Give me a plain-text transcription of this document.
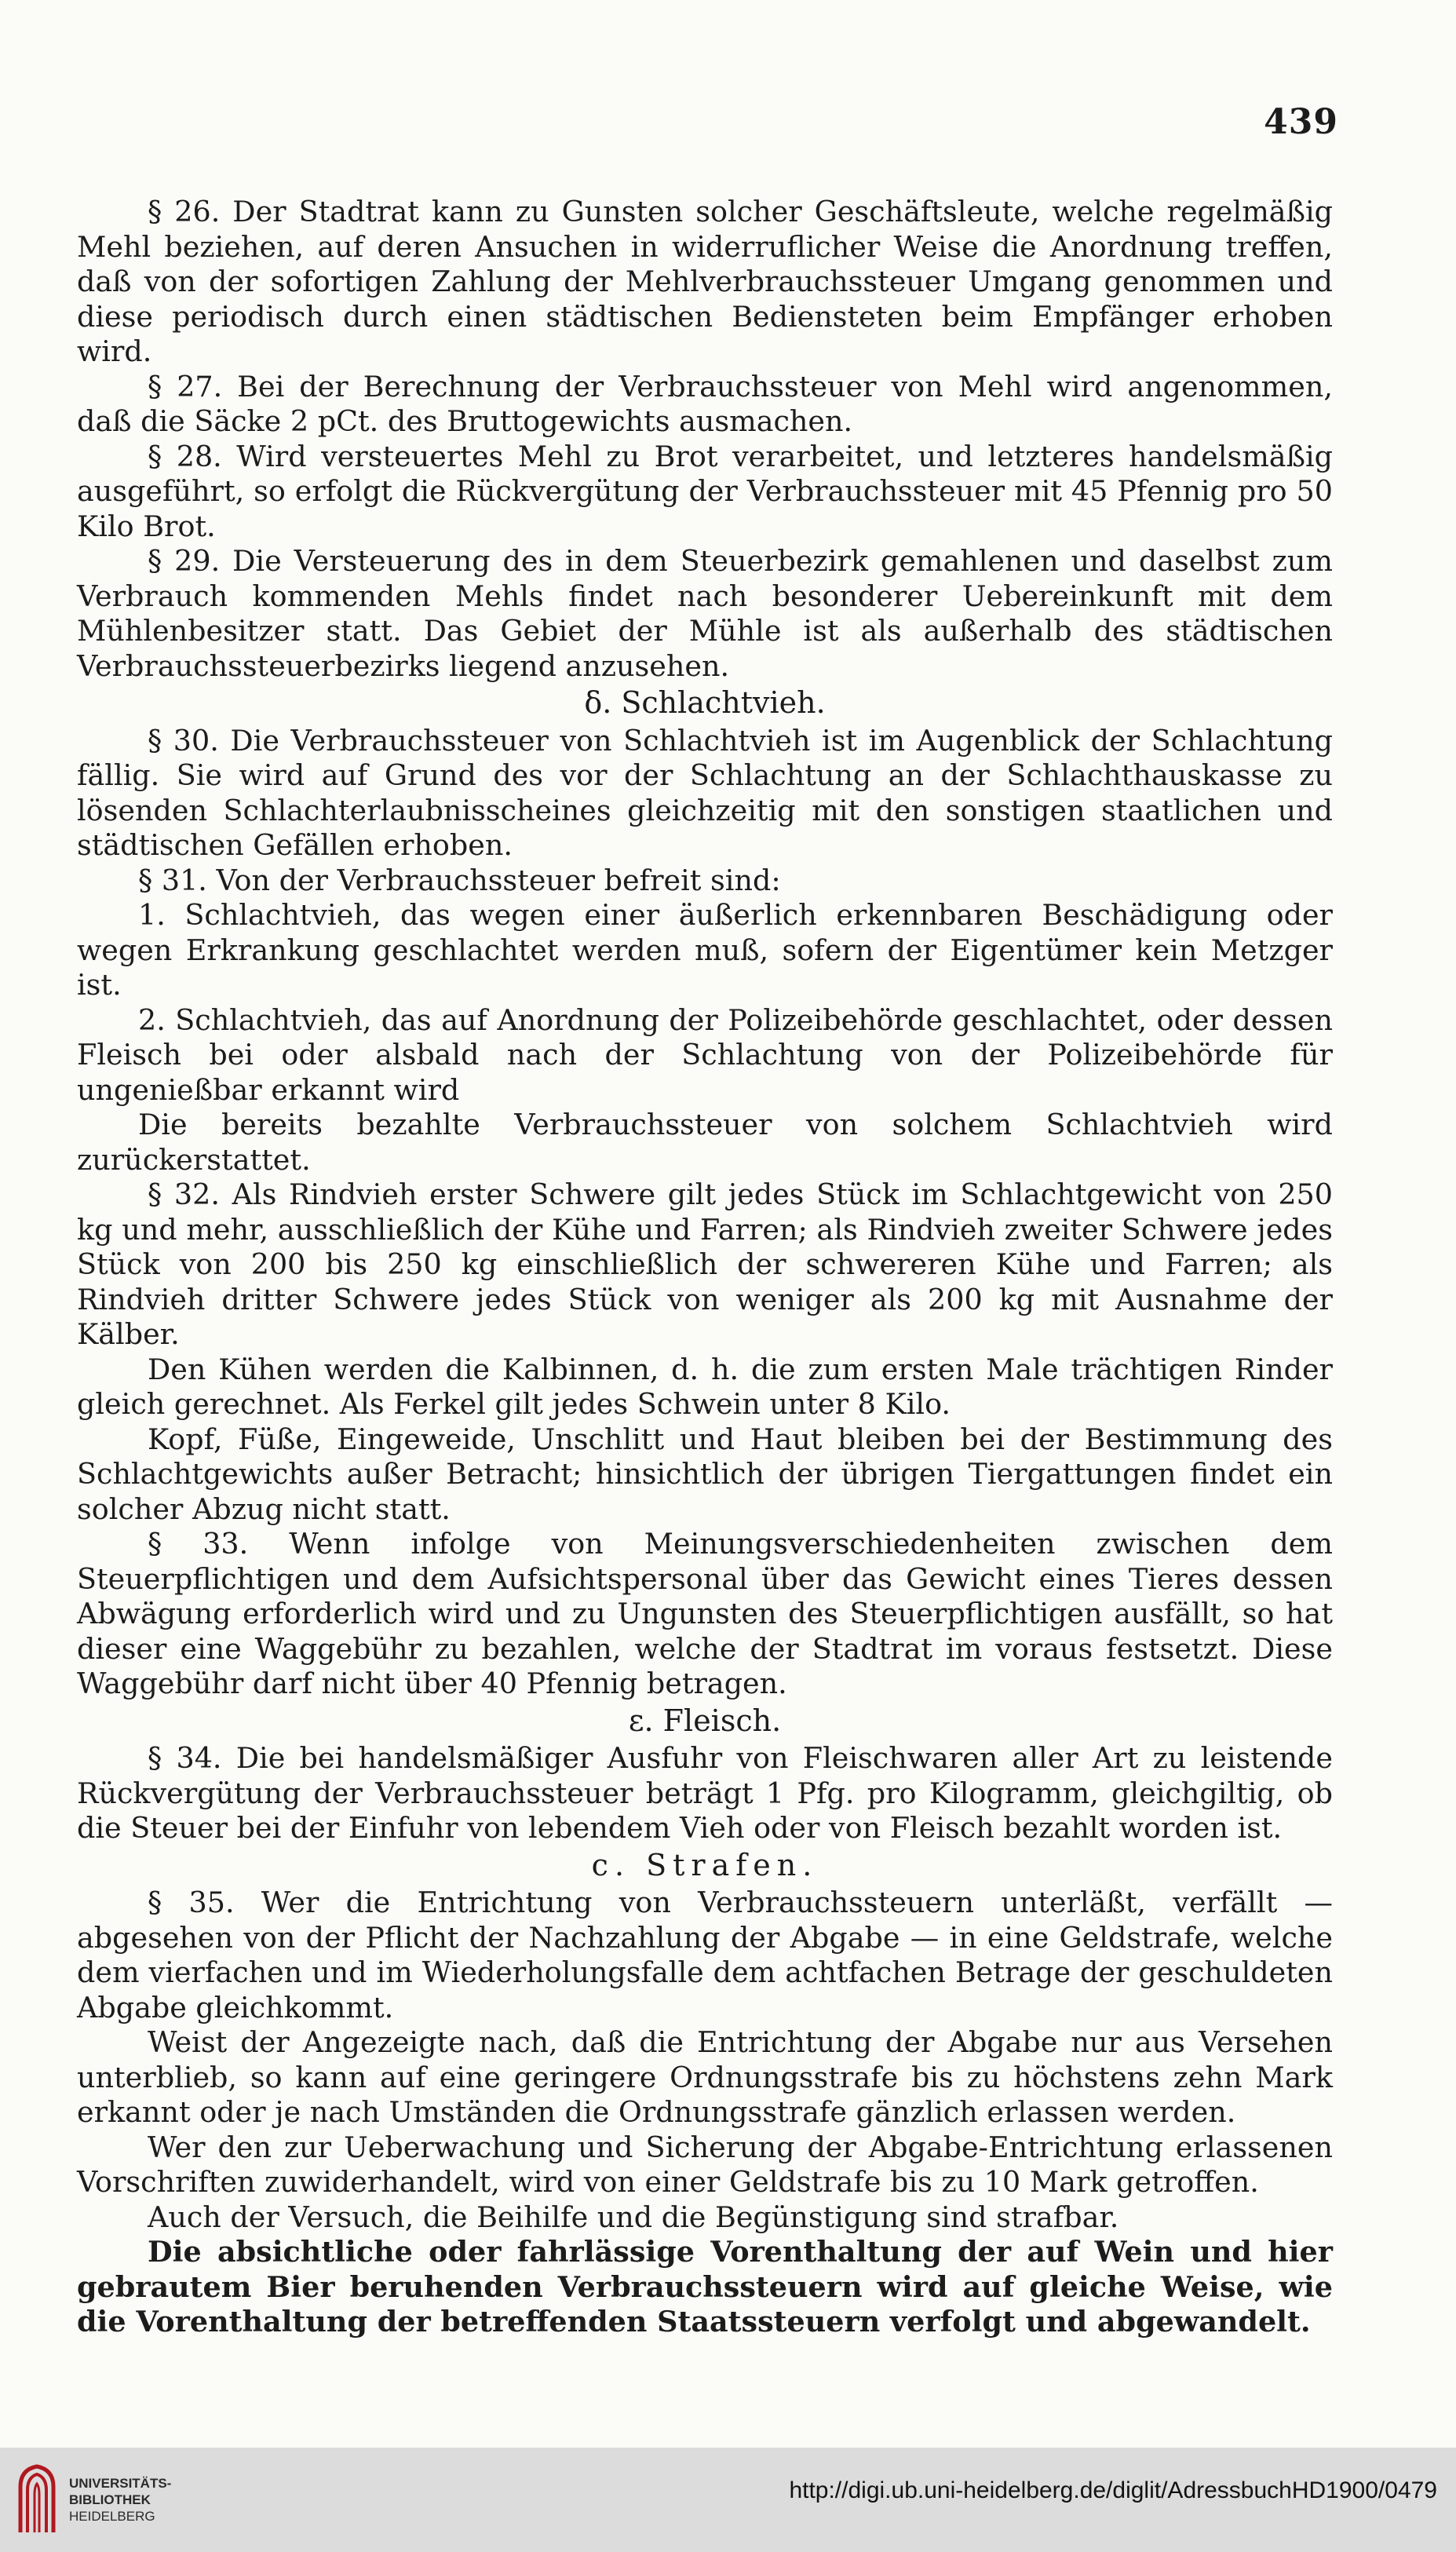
439

§ 26. Der Stadtrat kann zu Gunsten solcher Geschäftsleute, welche regelmäßig Mehl beziehen, auf deren Ansuchen in widerruflicher Weise die Anordnung treffen, daß von der sofortigen Zahlung der Mehlverbrauchssteuer Umgang genommen und diese periodisch durch einen städtischen Bediensteten beim Empfänger erhoben wird.

§ 27. Bei der Berechnung der Verbrauchssteuer von Mehl wird angenommen, daß die Säcke 2 pCt. des Bruttogewichts ausmachen.

§ 28. Wird versteuertes Mehl zu Brot verarbeitet, und letzteres handelsmäßig ausgeführt, so erfolgt die Rückvergütung der Verbrauchssteuer mit 45 Pfennig pro 50 Kilo Brot.

§ 29. Die Versteuerung des in dem Steuerbezirk gemahlenen und daselbst zum Verbrauch kommenden Mehls findet nach besonderer Uebereinkunft mit dem Mühlenbesitzer statt. Das Gebiet der Mühle ist als außerhalb des städtischen Verbrauchssteuerbezirks liegend anzusehen.

δ. Schlachtvieh.

§ 30. Die Verbrauchssteuer von Schlachtvieh ist im Augenblick der Schlachtung fällig. Sie wird auf Grund des vor der Schlachtung an der Schlachthauskasse zu lösenden Schlachterlaubnisscheines gleichzeitig mit den sonstigen staatlichen und städtischen Gefällen erhoben.

§ 31. Von der Verbrauchssteuer befreit sind:

1. Schlachtvieh, das wegen einer äußerlich erkennbaren Beschädigung oder wegen Erkrankung geschlachtet werden muß, sofern der Eigentümer kein Metzger ist.

2. Schlachtvieh, das auf Anordnung der Polizeibehörde geschlachtet, oder dessen Fleisch bei oder alsbald nach der Schlachtung von der Polizeibehörde für ungenießbar erkannt wird

Die bereits bezahlte Verbrauchssteuer von solchem Schlachtvieh wird zurückerstattet.

§ 32. Als Rindvieh erster Schwere gilt jedes Stück im Schlachtgewicht von 250 kg und mehr, ausschließlich der Kühe und Farren; als Rindvieh zweiter Schwere jedes Stück von 200 bis 250 kg einschließlich der schwereren Kühe und Farren; als Rindvieh dritter Schwere jedes Stück von weniger als 200 kg mit Ausnahme der Kälber.

Den Kühen werden die Kalbinnen, d. h. die zum ersten Male trächtigen Rinder gleich gerechnet. Als Ferkel gilt jedes Schwein unter 8 Kilo.

Kopf, Füße, Eingeweide, Unschlitt und Haut bleiben bei der Bestimmung des Schlachtgewichts außer Betracht; hinsichtlich der übrigen Tiergattungen findet ein solcher Abzug nicht statt.

§ 33. Wenn infolge von Meinungsverschiedenheiten zwischen dem Steuerpflichtigen und dem Aufsichtspersonal über das Gewicht eines Tieres dessen Abwägung erforderlich wird und zu Ungunsten des Steuerpflichtigen ausfällt, so hat dieser eine Waggebühr zu bezahlen, welche der Stadtrat im voraus festsetzt. Diese Waggebühr darf nicht über 40 Pfennig betragen.

ε. Fleisch.

§ 34. Die bei handelsmäßiger Ausfuhr von Fleischwaren aller Art zu leistende Rückvergütung der Verbrauchssteuer beträgt 1 Pfg. pro Kilogramm, gleichgiltig, ob die Steuer bei der Einfuhr von lebendem Vieh oder von Fleisch bezahlt worden ist.

c. Strafen.

§ 35. Wer die Entrichtung von Verbrauchssteuern unterläßt, verfällt — abgesehen von der Pflicht der Nachzahlung der Abgabe — in eine Geldstrafe, welche dem vierfachen und im Wiederholungsfalle dem achtfachen Betrage der geschuldeten Abgabe gleichkommt.

Weist der Angezeigte nach, daß die Entrichtung der Abgabe nur aus Versehen unterblieb, so kann auf eine geringere Ordnungsstrafe bis zu höchstens zehn Mark erkannt oder je nach Umständen die Ordnungsstrafe gänzlich erlassen werden.

Wer den zur Ueberwachung und Sicherung der Abgabe-Entrichtung erlassenen Vorschriften zuwiderhandelt, wird von einer Geldstrafe bis zu 10 Mark getroffen.

Auch der Versuch, die Beihilfe und die Begünstigung sind strafbar.

Die absichtliche oder fahrlässige Vorenthaltung der auf Wein und hier gebrautem Bier beruhenden Verbrauchssteuern wird auf gleiche Weise, wie die Vorenthaltung der betreffenden Staatssteuern verfolgt und abgewandelt.

UNIVERSITÄTS-
BIBLIOTHEK
HEIDELBERG
http://digi.ub.uni-heidelberg.de/diglit/AdressbuchHD1900/0479
